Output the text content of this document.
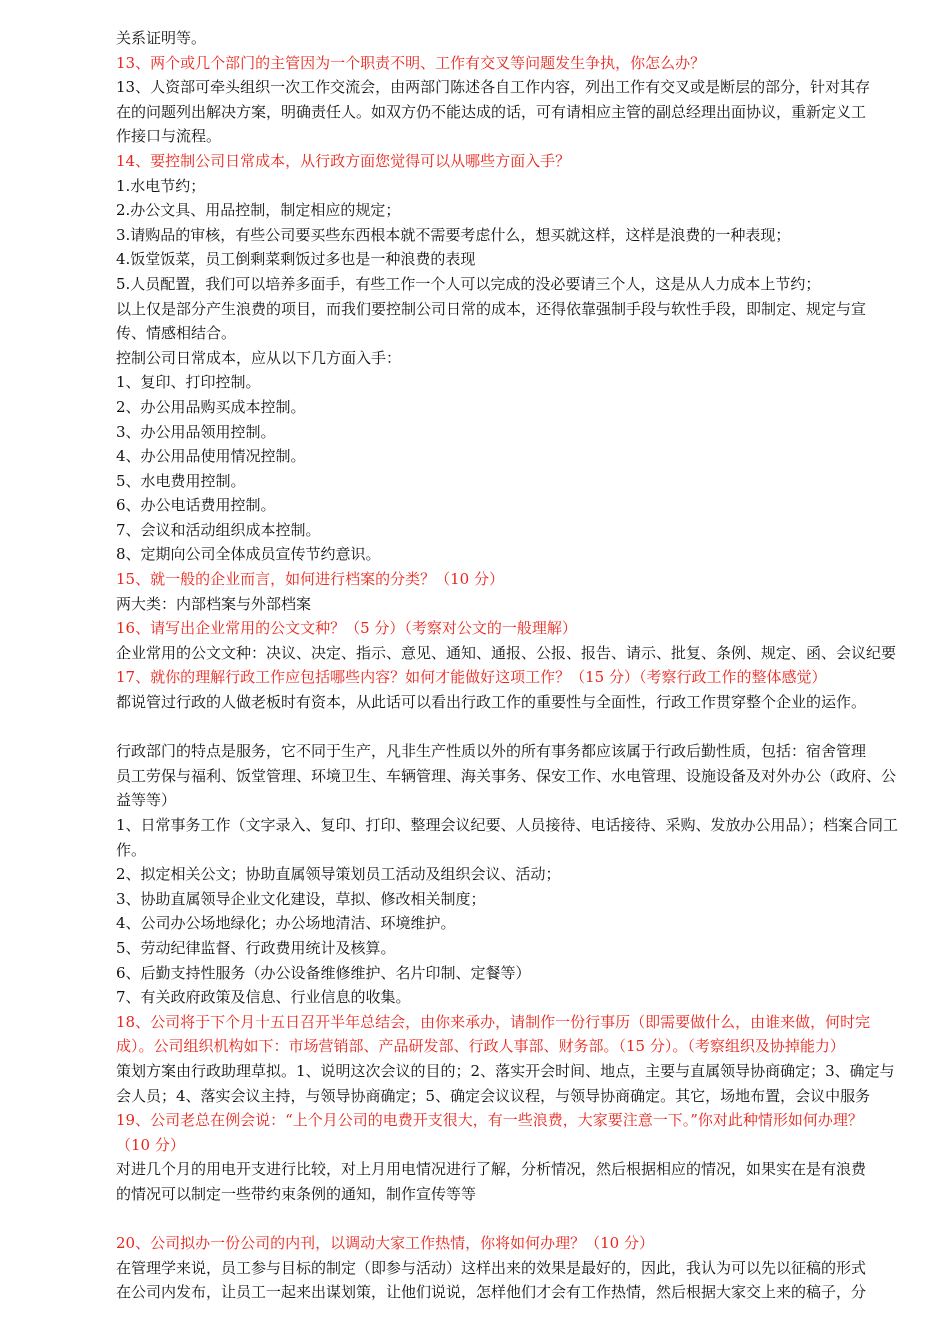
关系证明等。
13、两个或几个部门的主管因为一个职责不明、工作有交叉等问题发生争执，你怎么办？
13、人资部可牵头组织一次工作交流会，由两部门陈述各自工作内容，列出工作有交叉或是断层的部分，针对其存
在的问题列出解决方案，明确责任人。如双方仍不能达成的话，可有请相应主管的副总经理出面协议，重新定义工
作接口与流程。
14、要控制公司日常成本，从行政方面您觉得可以从哪些方面入手？
1.水电节约；
2.办公文具、用品控制，制定相应的规定；
3.请购品的审核，有些公司要买些东西根本就不需要考虑什么，想买就这样，这样是浪费的一种表现；
4.饭堂饭菜，员工倒剩菜剩饭过多也是一种浪费的表现
5.人员配置，我们可以培养多面手，有些工作一个人可以完成的没必要请三个人，这是从人力成本上节约；
以上仅是部分产生浪费的项目，而我们要控制公司日常的成本，还得依靠强制手段与软性手段，即制定、规定与宣
传、情感相结合。
控制公司日常成本，应从以下几方面入手：
1、复印、打印控制。
2、办公用品购买成本控制。
3、办公用品领用控制。
4、办公用品使用情况控制。
5、水电费用控制。
6、办公电话费用控制。
7、会议和活动组织成本控制。
8、定期向公司全体成员宣传节约意识。
15、就一般的企业而言，如何进行档案的分类？（10 分）
两大类：内部档案与外部档案
16、请写出企业常用的公文文种？（5 分）（考察对公文的一般理解）
企业常用的公文文种：决议、决定、指示、意见、通知、通报、公报、报告、请示、批复、条例、规定、函、会议纪要
17、就你的理解行政工作应包括哪些内容？如何才能做好这项工作？（15 分）（考察行政工作的整体感觉）
都说管过行政的人做老板时有资本，从此话可以看出行政工作的重要性与全面性，行政工作贯穿整个企业的运作。
行政部门的特点是服务，它不同于生产，凡非生产性质以外的所有事务都应该属于行政后勤性质，包括：宿舍管理
员工劳保与福利、饭堂管理、环境卫生、车辆管理、海关事务、保安工作、水电管理、设施设备及对外办公（政府、公
益等等）
1、日常事务工作（文字录入、复印、打印、整理会议纪要、人员接待、电话接待、采购、发放办公用品）；档案合同工
作。
2、拟定相关公文；协助直属领导策划员工活动及组织会议、活动；
3、协助直属领导企业文化建设，草拟、修改相关制度；
4、公司办公场地绿化；办公场地清洁、环境维护。
5、劳动纪律监督、行政费用统计及核算。
6、后勤支持性服务（办公设备维修维护、名片印制、定餐等）
7、有关政府政策及信息、行业信息的收集。
18、公司将于下个月十五日召开半年总结会，由你来承办，请制作一份行事历（即需要做什么，由谁来做，何时完
成）。公司组织机构如下：市场营销部、产品研发部、行政人事部、财务部。（15 分）。（考察组织及协掉能力）
策划方案由行政助理草拟。1、说明这次会议的目的；2、落实开会时间、地点，主要与直属领导协商确定；3、确定与
会人员；4、落实会议主持，与领导协商确定；5、确定会议议程，与领导协商确定。其它，场地布置，会议中服务
19、公司老总在例会说：“上个月公司的电费开支很大，有一些浪费，大家要注意一下。”你对此种情形如何办理？
（10 分）
对进几个月的用电开支进行比较，对上月用电情况进行了解，分析情况，然后根据相应的情况，如果实在是有浪费
的情况可以制定一些带约束条例的通知，制作宣传等等
20、公司拟办一份公司的内刊，以调动大家工作热情，你将如何办理？（10 分）
在管理学来说，员工参与目标的制定（即参与活动）这样出来的效果是最好的，因此，我认为可以先以征稿的形式
在公司内发布，让员工一起来出谋划策，让他们说说，怎样他们才会有工作热情，然后根据大家交上来的稿子，分
